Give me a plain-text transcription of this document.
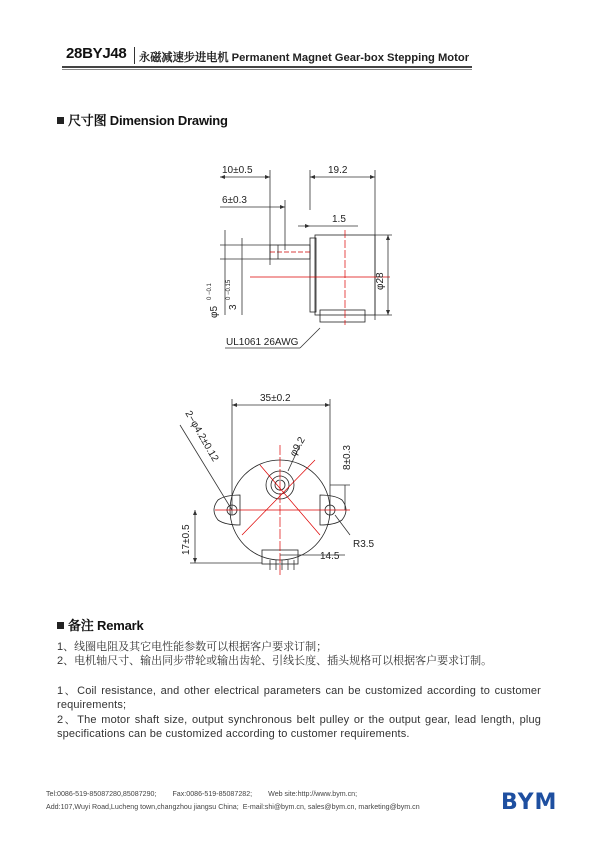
28BYJ48 永磁减速步进电机 Permanent Magnet Gear-box Stepping Motor
尺寸图 Dimension Drawing
10±0.5	19.2
6±0.3
1.5
φ28
φ5
0 −0.1
3
0 −0.15
UL1061 26AWG
35±0.2
8±0.3
17±0.5	R3.5
14.5
2−φ4.2±0.12	φ9.2
备注 Remark
1、线圈电阻及其它电性能参数可以根据客户要求订制；
2、电机轴尺寸、输出同步带轮或输出齿轮、引线长度、插头规格可以根据客户要求订制。
1、Coil resistance, and other electrical parameters can be customized according to customer requirements;
2、The motor shaft size, output synchronous belt pulley or the output gear, lead length, plug specifications can be customized according to customer requirements.
Tel:0086-519-85087280,85087290; Fax:0086-519-85087282; Web site:http://www.bym.cn;
Add:107,Wuyi Road,Lucheng town,changzhou jiangsu China; E-mail:shi@bym.cn, sales@bym.cn, marketing@bym.cn	BYM
